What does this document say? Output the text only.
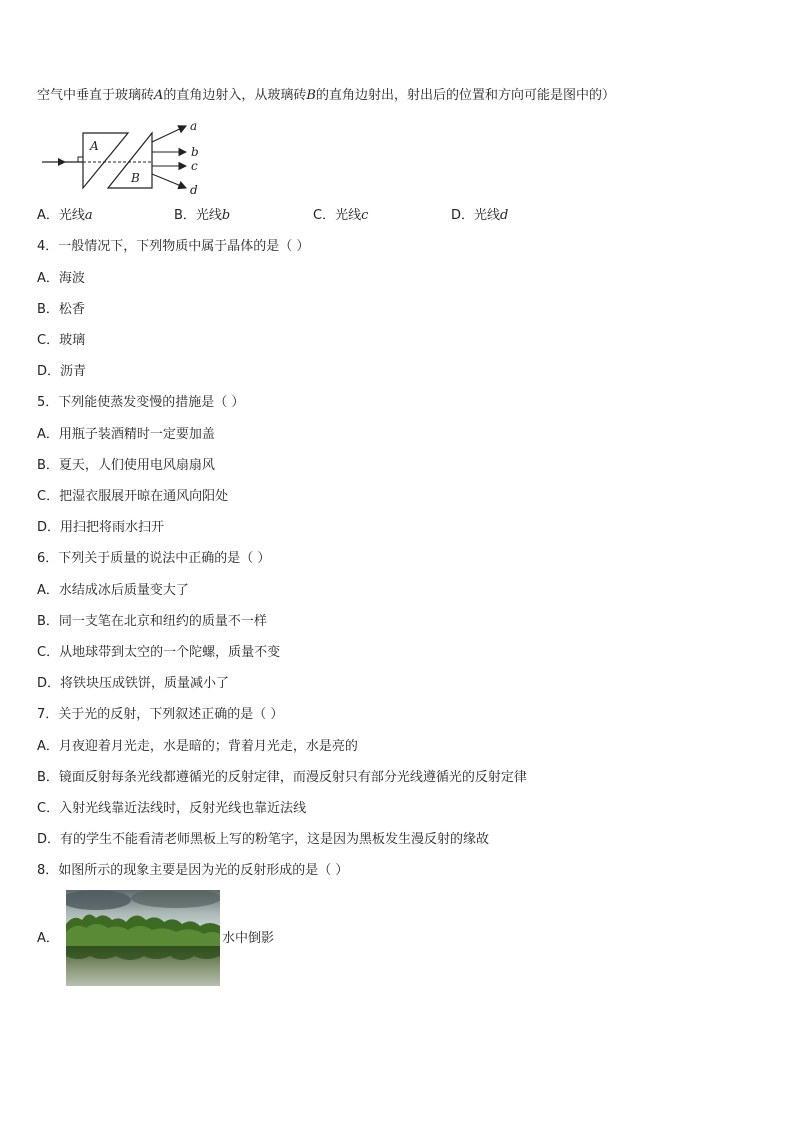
空气中垂直于玻璃砖A的直角边射入，从玻璃砖B的直角边射出，射出后的位置和方向可能是图中的）
A
B
a
b
c
d
A．光线a	B．光线b	C．光线c	D．光线d
4．一般情况下，下列物质中属于晶体的是（ ）
A．海波
B．松香
C．玻璃
D．沥青
5．下列能使蒸发变慢的措施是（ ）
A．用瓶子装酒精时一定要加盖
B．夏天，人们使用电风扇扇风
C．把湿衣服展开晾在通风向阳处
D．用扫把将雨水扫开
6．下列关于质量的说法中正确的是（ ）
A．水结成冰后质量变大了
B．同一支笔在北京和纽约的质量不一样
C．从地球带到太空的一个陀螺，质量不变
D．将铁块压成铁饼，质量减小了
7．关于光的反射，下列叙述正确的是（ ）
A．月夜迎着月光走，水是暗的；背着月光走，水是亮的
B．镜面反射每条光线都遵循光的反射定律，而漫反射只有部分光线遵循光的反射定律
C．入射光线靠近法线时，反射光线也靠近法线
D．有的学生不能看清老师黑板上写的粉笔字，这是因为黑板发生漫反射的缘故
8．如图所示的现象主要是因为光的反射形成的是（ ）
A．	水中倒影
